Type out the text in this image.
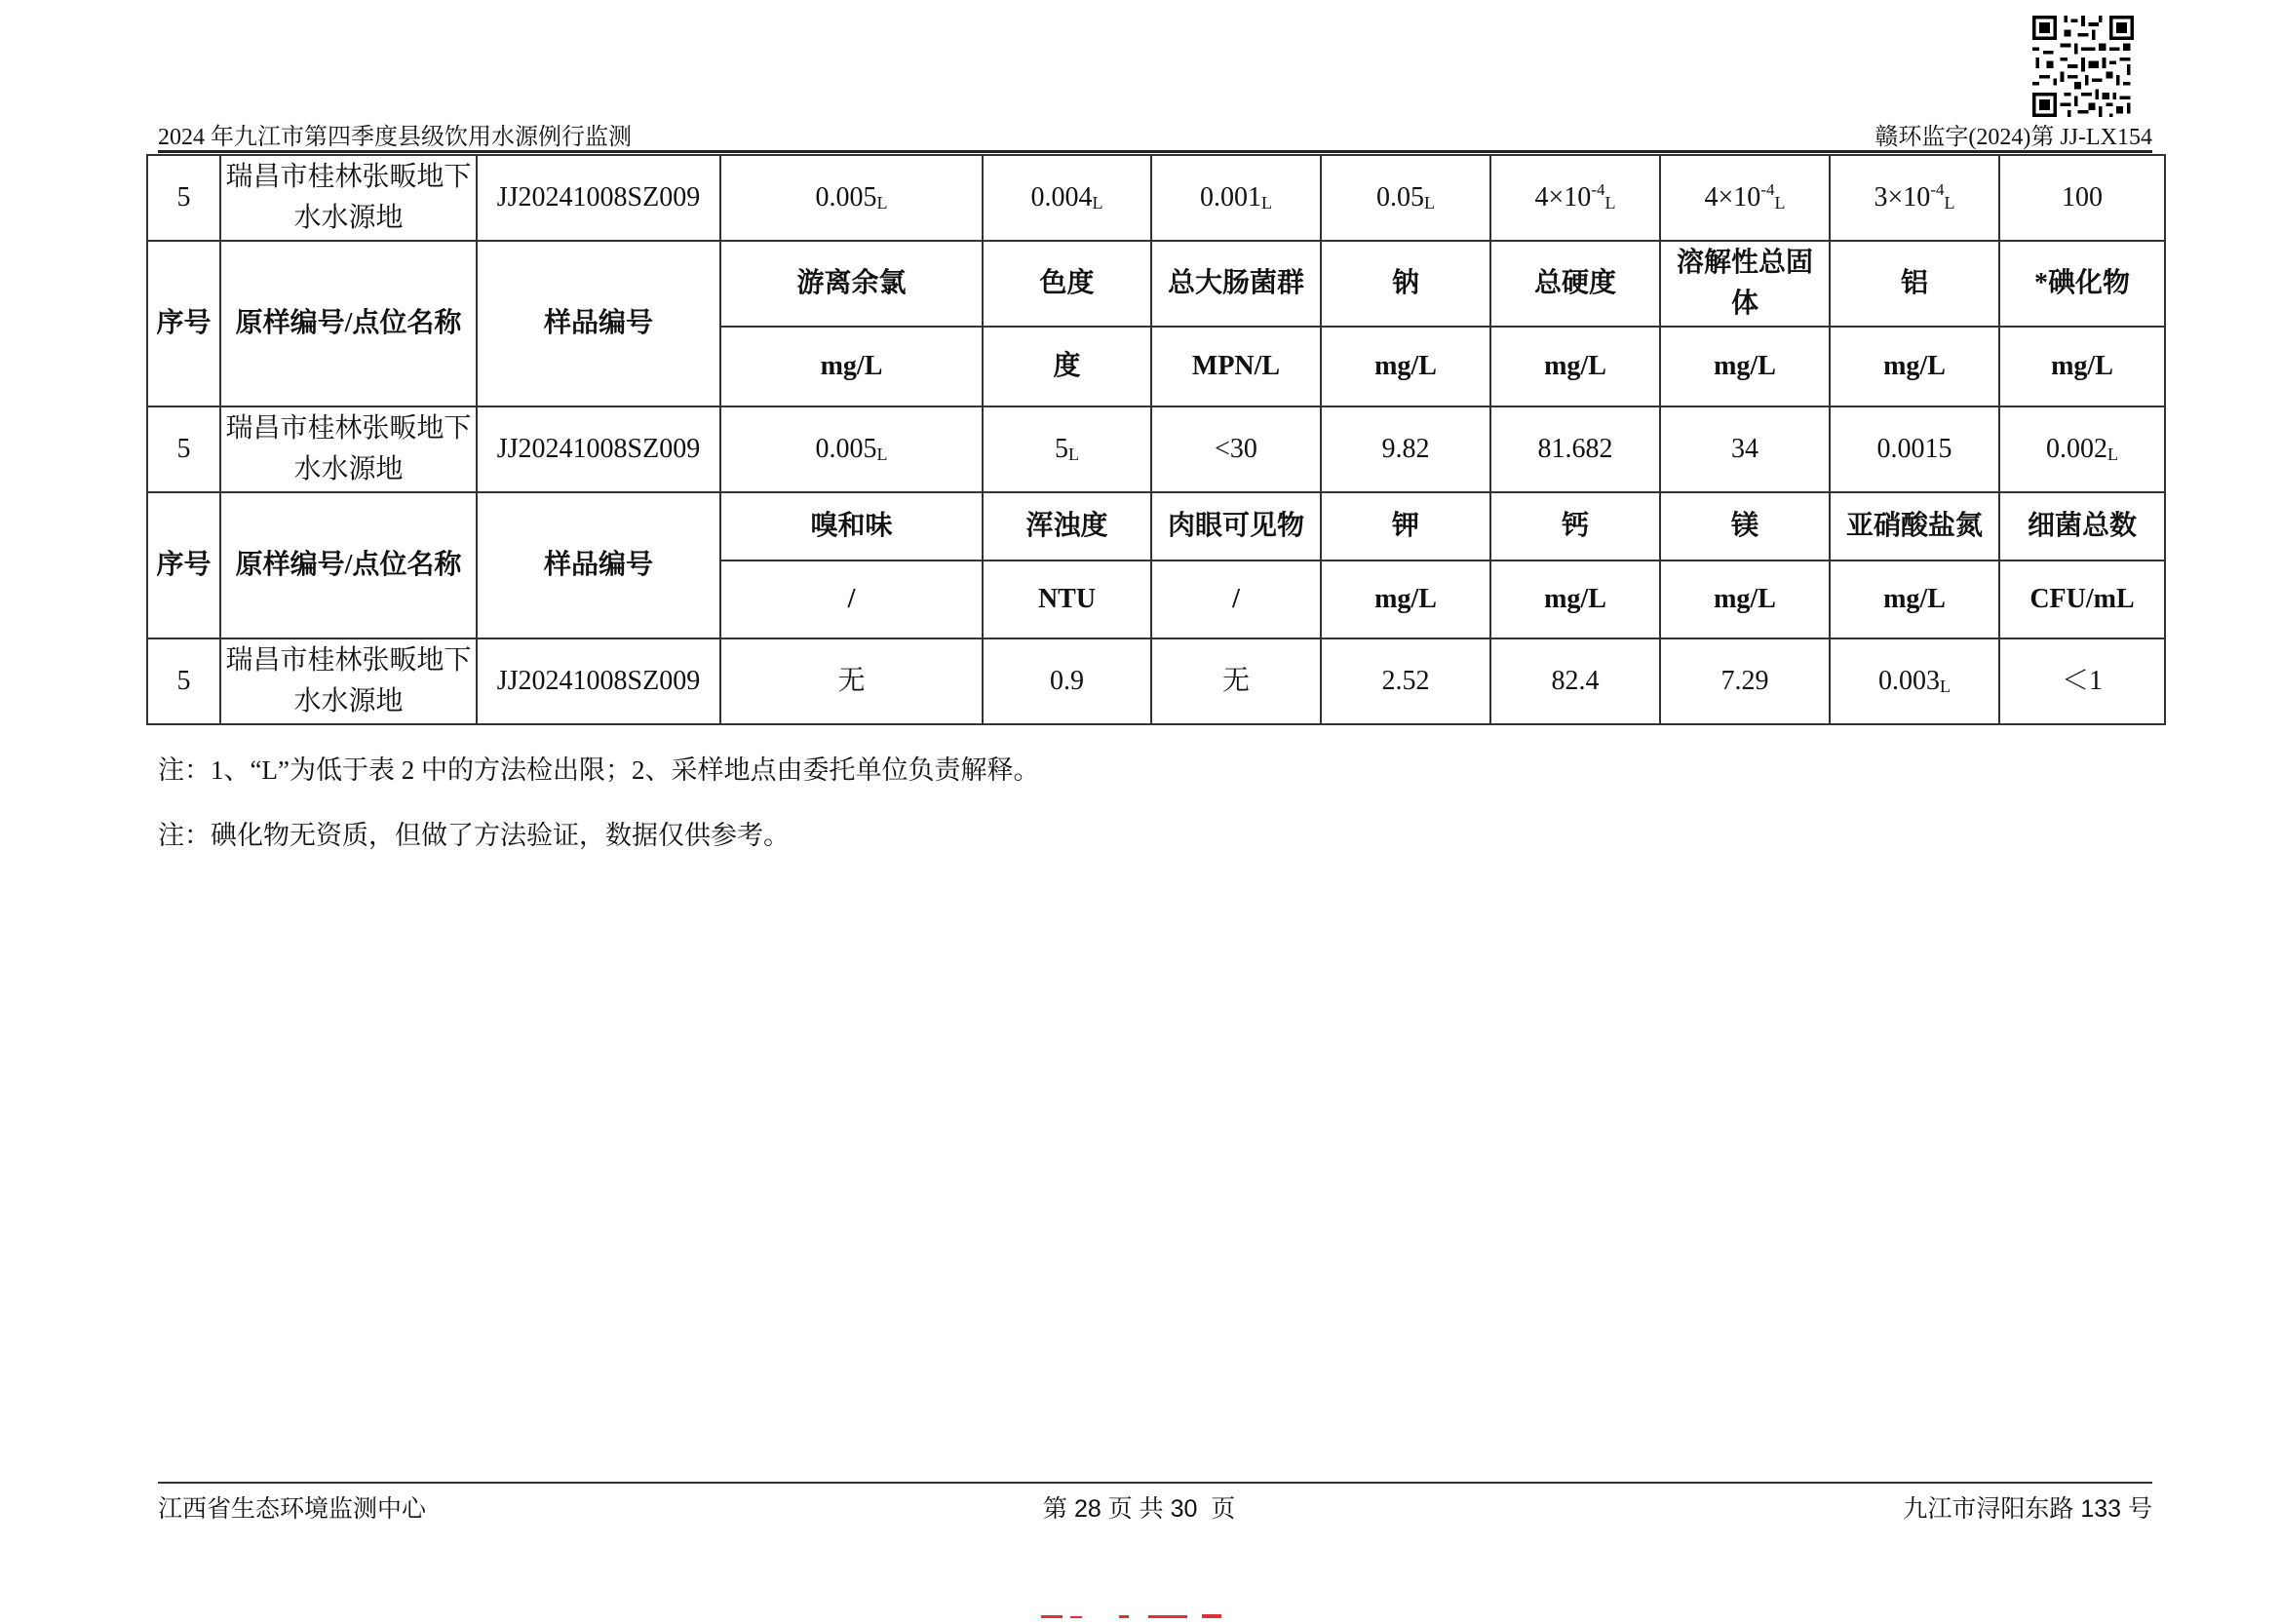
2024 年九江市第四季度县级饮用水源例行监测	赣环监字(2024)第 JJ-LX154
5	瑞昌市桂林张畈地下水水源地	JJ20241008SZ009	$0.005_L$	$0.004_L$	$0.001_L$	$0.05_L$	$4\times 10^{-4}_L$	$4\times 10^{-4}_L$	$3\times 10^{-4}_L$	100
序号	原样编号/点位名称	样品编号	游离余氯	色度	总大肠菌群	钠	总硬度	溶解性总固体	铝	*碘化物
			mg/L	度	MPN/L	mg/L	mg/L	mg/L	mg/L	mg/L
5	瑞昌市桂林张畈地下水水源地	JJ20241008SZ009	$0.005_L$	$5_L$	<30	9.82	81.682	34	0.0015	$0.002_L$
序号	原样编号/点位名称	样品编号	嗅和味	浑浊度	肉眼可见物	钾	钙	镁	亚硝酸盐氮	细菌总数
			/	NTU	/	mg/L	mg/L	mg/L	mg/L	CFU/mL
5	瑞昌市桂林张畈地下水水源地	JJ20241008SZ009	无	0.9	无	2.52	82.4	7.29	$0.003_L$	＜1
注：1、“L”为低于表 2 中的方法检出限；2、采样地点由委托单位负责解释。
注：碘化物无资质，但做了方法验证，数据仅供参考。
江西省生态环境监测中心	第 28 页 共 30  页	九江市浔阳东路 133 号
